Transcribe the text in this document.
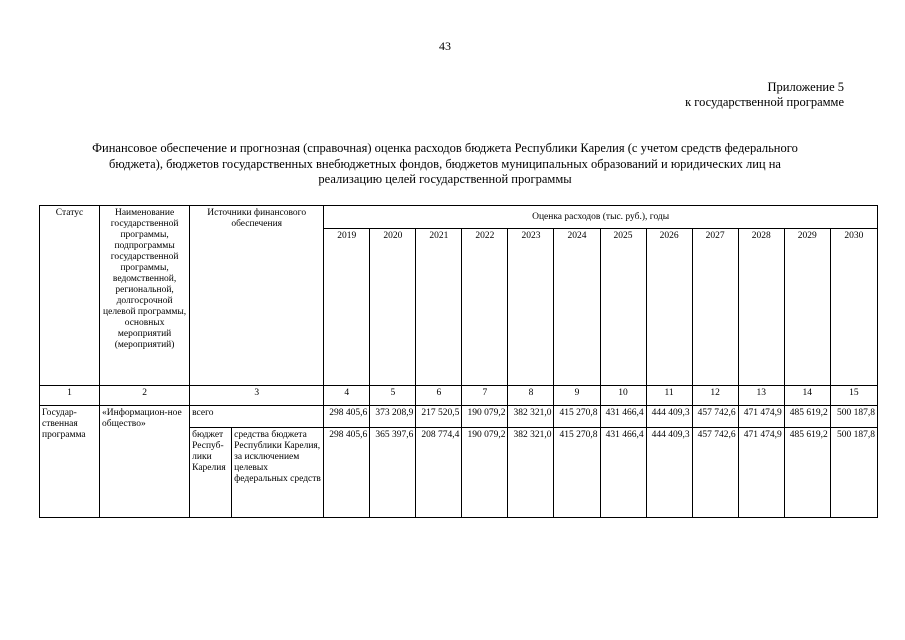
43
Приложение 5
к государственной программе
Финансовое обеспечение и прогнозная (справочная) оценка расходов бюджета Республики Карелия (с учетом средств федерального
бюджета), бюджетов государственных внебюджетных фондов, бюджетов муниципальных образований и юридических лиц на
реализацию целей государственной программы
Статус	Наименование государственной программы, подпрограммы государственной программы, ведомственной, региональной, долгосрочной целевой программы, основных мероприятий (мероприятий)	Источники финансового обеспечения		Оценка расходов (тыс. руб.), годы											
				2019	2020	2021	2022	2023	2024	2025	2026	2027	2028	2029	2030
1	2	3		4	5	6	7	8	9	10	11	12	13	14	15
Государ-ственная программа	«Информацион-ное общество»	всего		298 405,6	373 208,9	217 520,5	190 079,2	382 321,0	415 270,8	431 466,4	444 409,3	457 742,6	471 474,9	485 619,2	500 187,8
		бюджет Респуб-лики Карелия	средства бюджета Республики Карелия, за исключением целевых федеральных средств	298 405,6	365 397,6	208 774,4	190 079,2	382 321,0	415 270,8	431 466,4	444 409,3	457 742,6	471 474,9	485 619,2	500 187,8
